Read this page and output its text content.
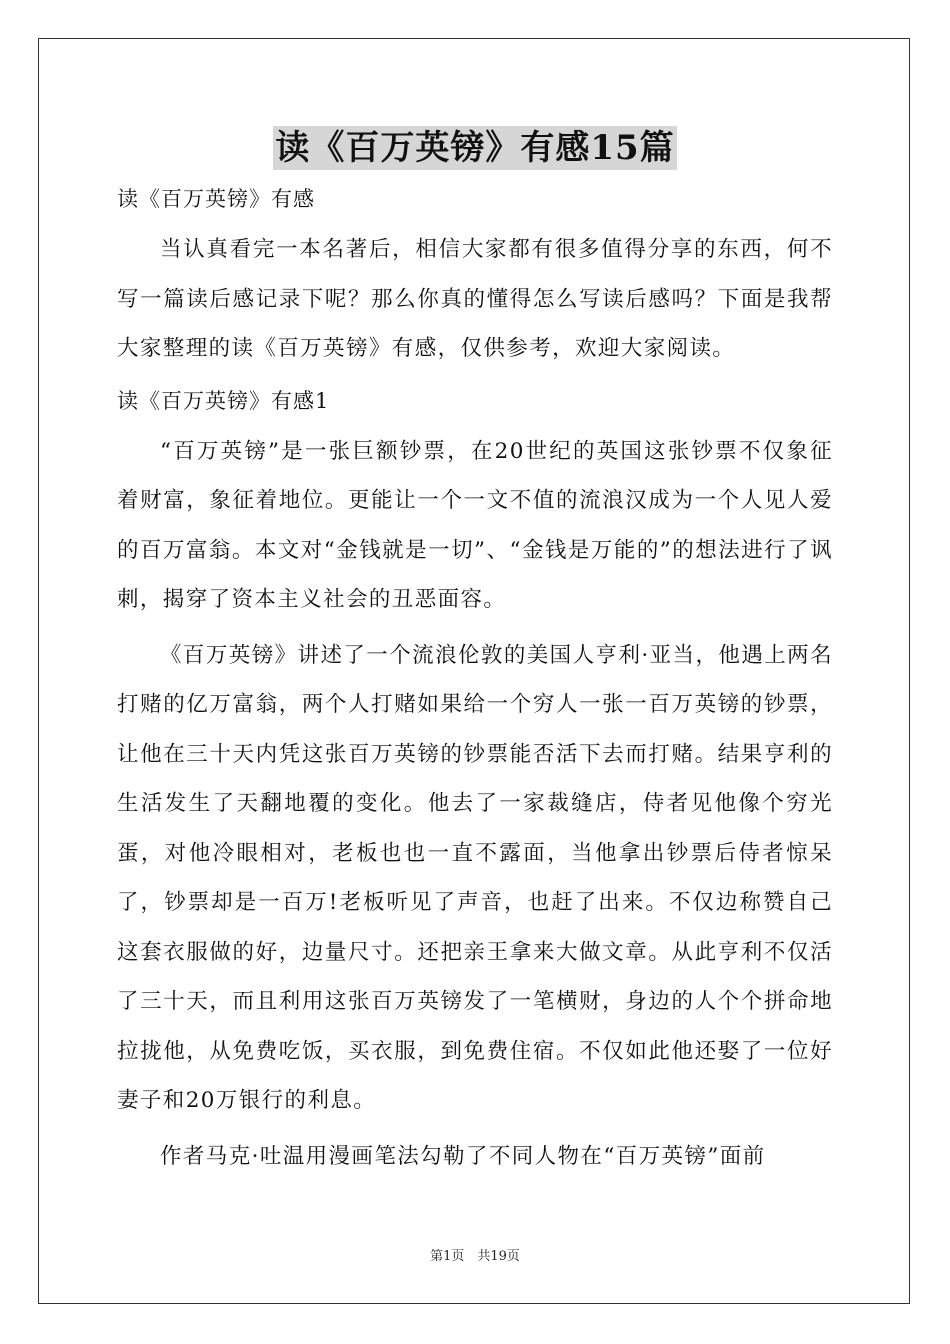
读《百万英镑》有感15篇

读《百万英镑》有感

当认真看完一本名著后，相信大家都有很多值得分享的东西，何不写一篇读后感记录下呢？那么你真的懂得怎么写读后感吗？下面是我帮大家整理的读《百万英镑》有感，仅供参考，欢迎大家阅读。

读《百万英镑》有感1

“百万英镑”是一张巨额钞票，在20世纪的英国这张钞票不仅象征着财富，象征着地位。更能让一个一文不值的流浪汉成为一个人见人爱的百万富翁。本文对“金钱就是一切”、“金钱是万能的”的想法进行了讽刺，揭穿了资本主义社会的丑恶面容。

《百万英镑》讲述了一个流浪伦敦的美国人亨利·亚当，他遇上两名打赌的亿万富翁，两个人打赌如果给一个穷人一张一百万英镑的钞票，让他在三十天内凭这张百万英镑的钞票能否活下去而打赌。结果亨利的生活发生了天翻地覆的变化。他去了一家裁缝店，侍者见他像个穷光蛋，对他冷眼相对，老板也也一直不露面，当他拿出钞票后侍者惊呆了，钞票却是一百万!老板听见了声音，也赶了出来。不仅边称赞自己这套衣服做的好，边量尺寸。还把亲王拿来大做文章。从此亨利不仅活了三十天，而且利用这张百万英镑发了一笔横财，身边的人个个拼命地拉拢他，从免费吃饭，买衣服，到免费住宿。不仅如此他还娶了一位好妻子和20万银行的利息。

作者马克·吐温用漫画笔法勾勒了不同人物在“百万英镑”面前

第1页　共19页
